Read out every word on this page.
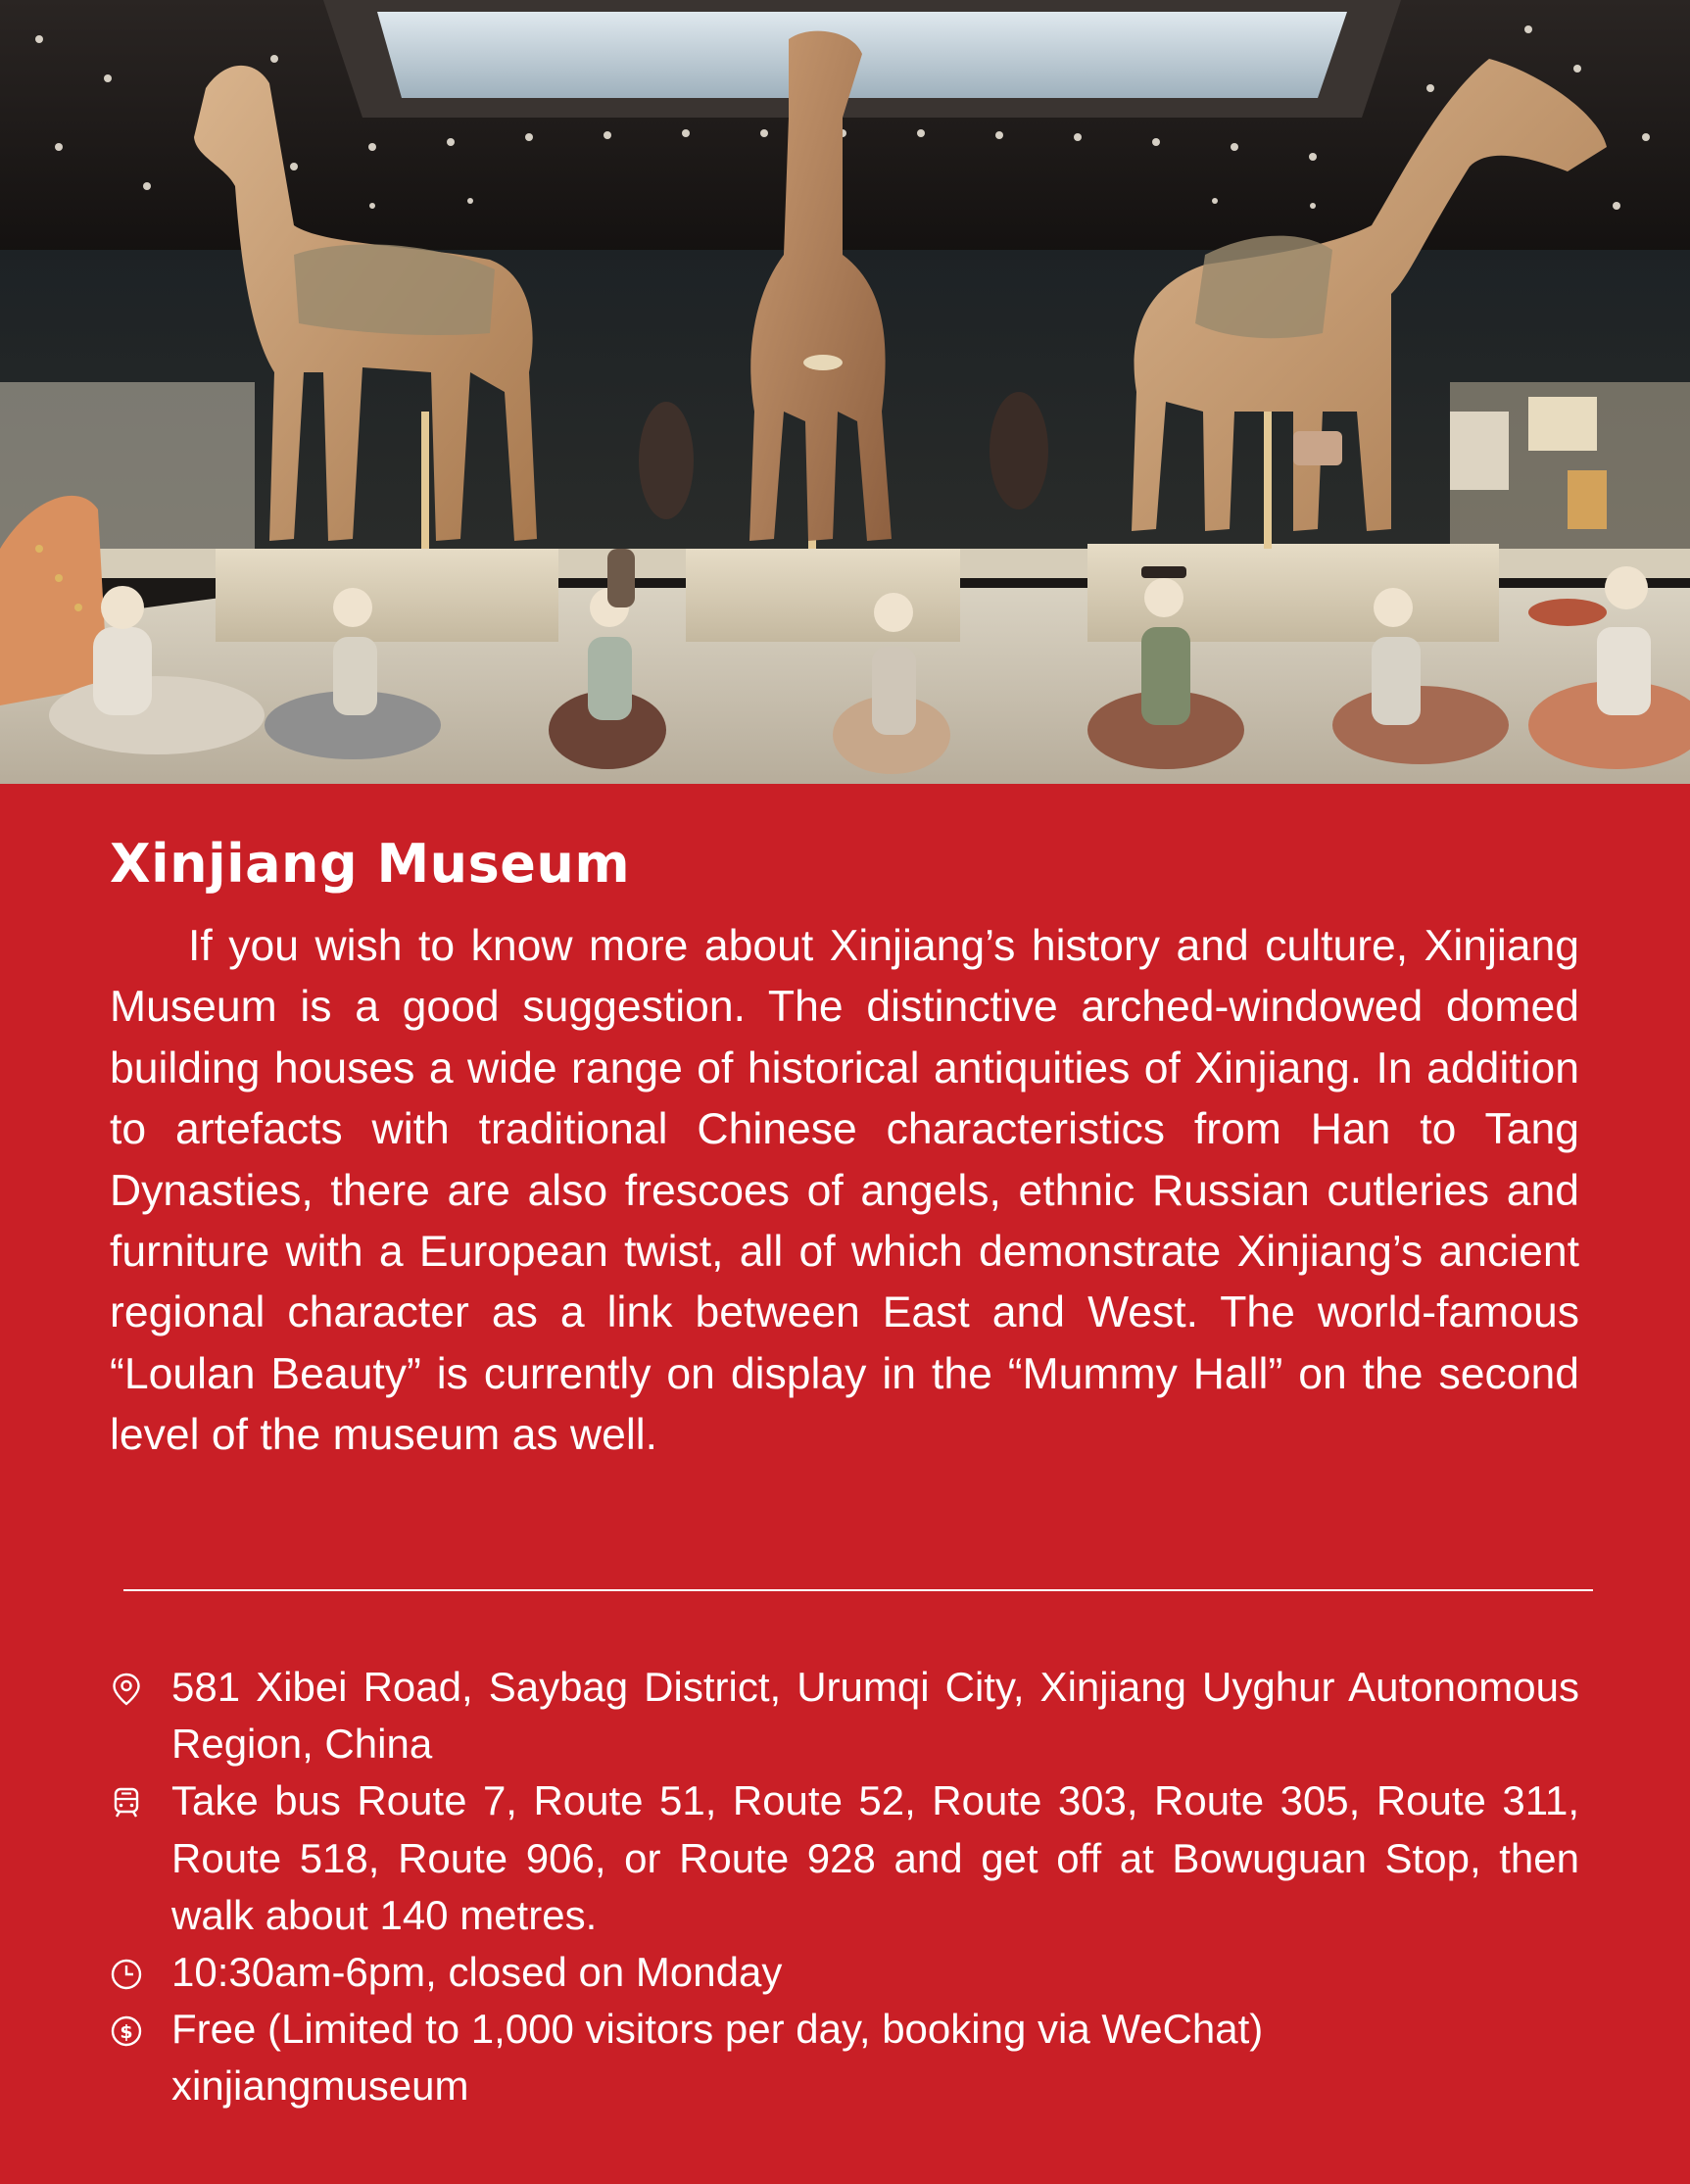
Xinjiang Museum

If you wish to know more about Xinjiang’s history and culture, Xinjiang Museum is a good suggestion. The distinctive arched-windowed domed building houses a wide range of historical antiquities of Xinjiang. In addition to artefacts with traditional Chinese characteristics from Han to Tang Dynasties, there are also frescoes of angels, ethnic Russian cutleries and furniture with a European twist, all of which demonstrate Xinjiang’s ancient regional character as a link between East and West. The world-famous “Loulan Beauty” is currently on display in the “Mummy Hall” on the second level of the museum as well.

581 Xibei Road, Saybag District, Urumqi City, Xinjiang Uyghur Autonomous Region, China
Take bus Route 7, Route 51, Route 52, Route 303, Route 305, Route 311, Route 518, Route 906, or Route 928 and get off at Bowuguan Stop, then walk about 140 metres.
10:30am-6pm, closed on Monday
$ Free (Limited to 1,000 visitors per day, booking via WeChat)
xinjiangmuseum
